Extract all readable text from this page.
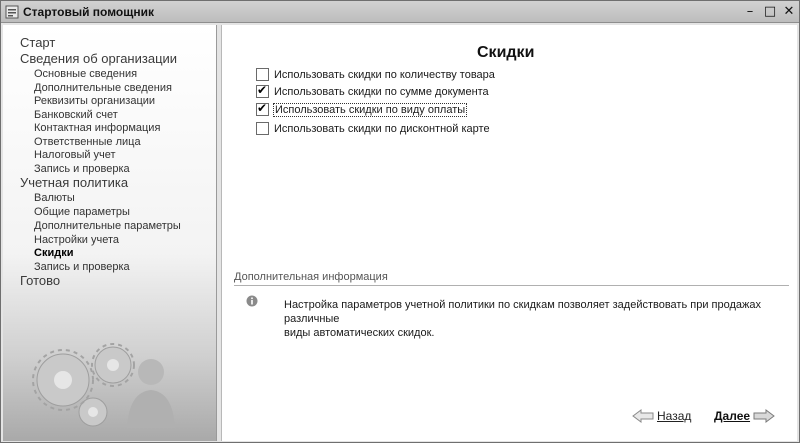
Стартовый помощник	– □ ✕
Старт
Сведения об организации
Основные сведения
Дополнительные сведения
Реквизиты организации
Банковский счет
Контактная информация
Ответственные лица
Налоговый учет
Запись и проверка
Учетная политика
Валюты
Общие параметры
Дополнительные параметры
Настройки учета
Скидки
Запись и проверка
Готово
Скидки
Использовать скидки по количеству товара
✔ Использовать скидки по сумме документа
✔ Использовать скидки по виду оплаты
Использовать скидки по дисконтной карте
Дополнительная информация
Настройка параметров учетной политики по скидкам позволяет задействовать при продажах различные
виды автоматических скидок.
Назад Далее
